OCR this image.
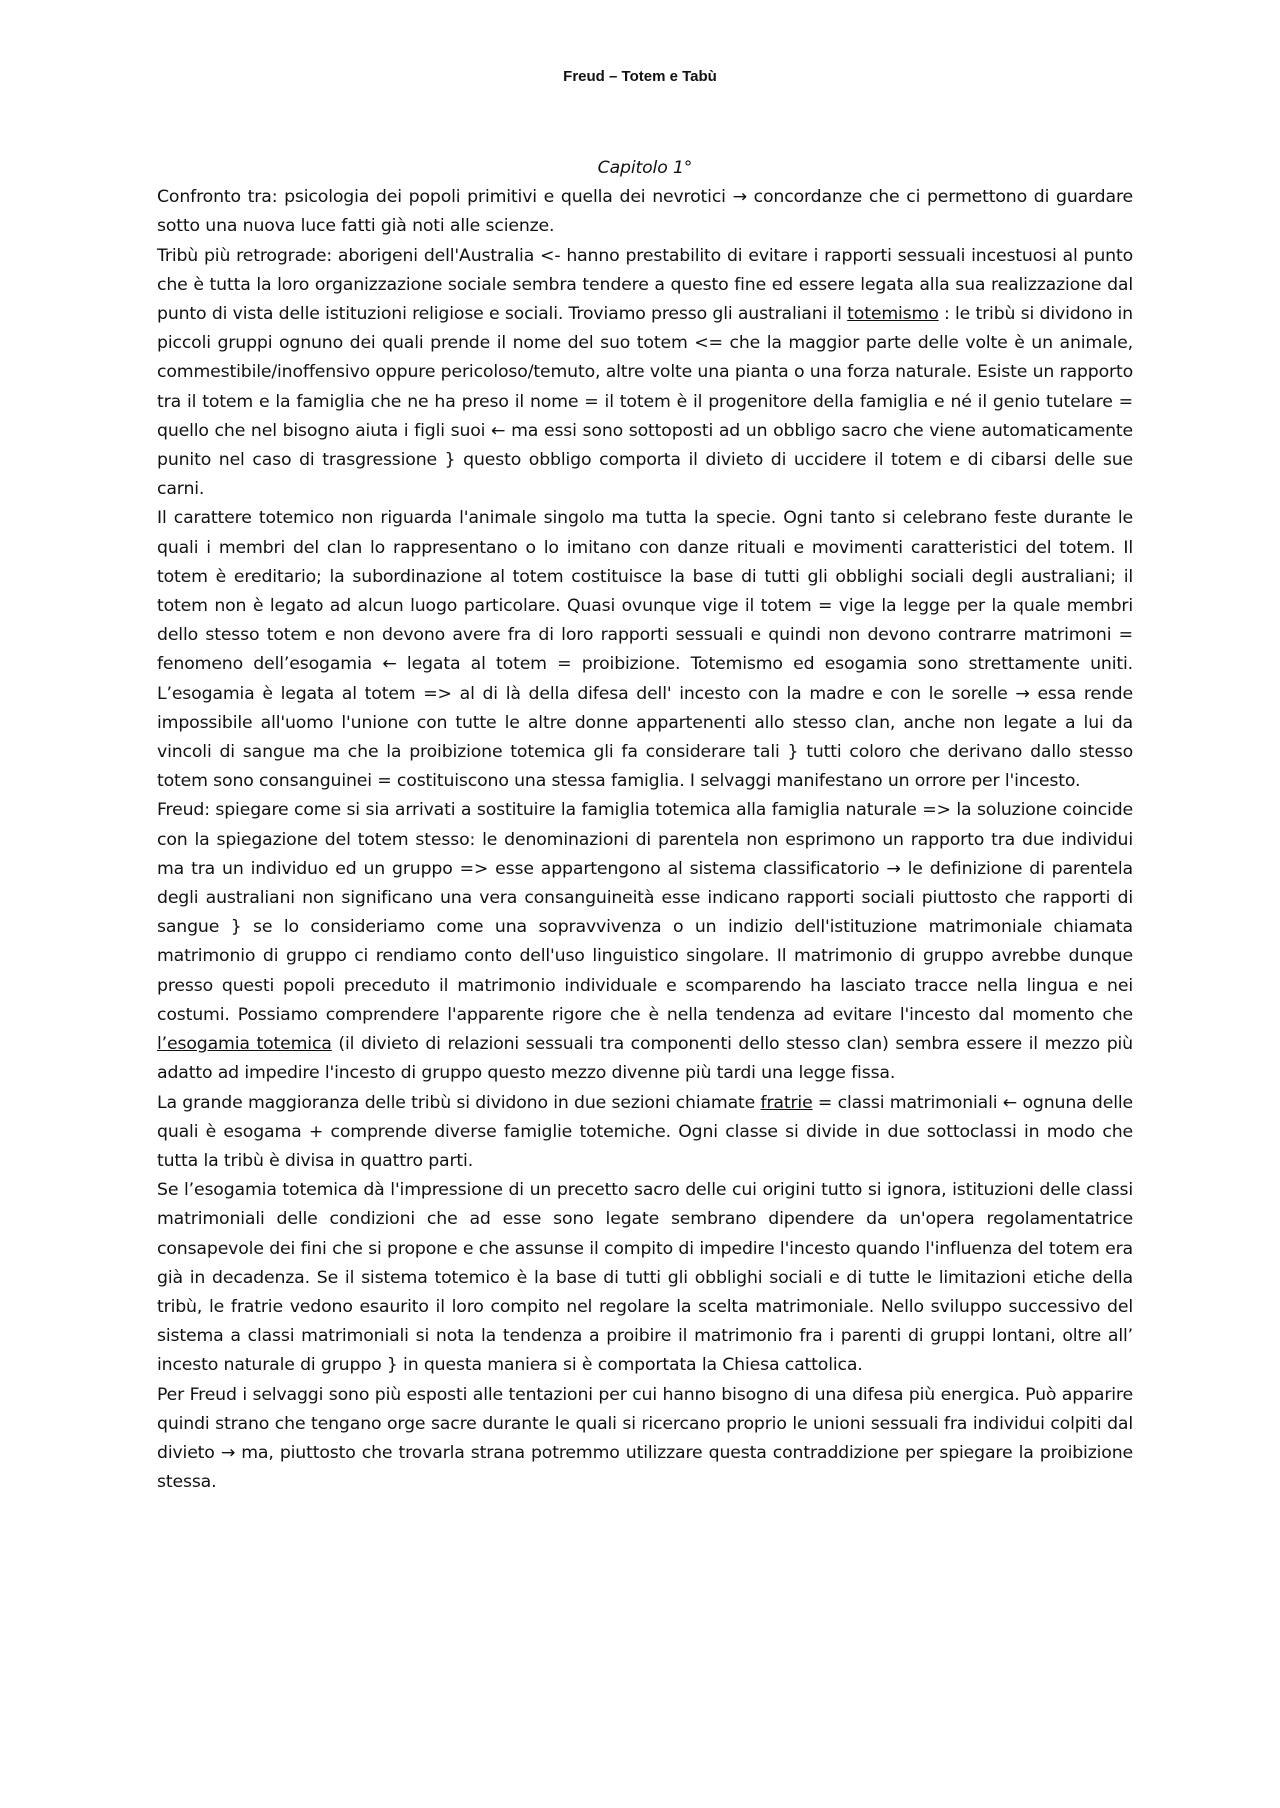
Freud – Totem e Tabù

Capitolo 1°

Confronto tra: psicologia dei popoli primitivi e quella dei nevrotici → concordanze che ci permettono di guardare sotto una nuova luce fatti già noti alle scienze.

Tribù più retrograde: aborigeni dell'Australia <- hanno prestabilito di evitare i rapporti sessuali incestuosi al punto che è tutta la loro organizzazione sociale sembra tendere a questo fine ed essere legata alla sua realizzazione dal punto di vista delle istituzioni religiose e sociali. Troviamo presso gli australiani il totemismo : le tribù si dividono in piccoli gruppi ognuno dei quali prende il nome del suo totem <= che la maggior parte delle volte è un animale, commestibile/inoffensivo oppure pericoloso/temuto, altre volte una pianta o una forza naturale. Esiste un rapporto tra il totem e la famiglia che ne ha preso il nome = il totem è il progenitore della famiglia e né il genio tutelare = quello che nel bisogno aiuta i figli suoi ← ma essi sono sottoposti ad un obbligo sacro che viene automaticamente punito nel caso di trasgressione } questo obbligo comporta il divieto di uccidere il totem e di cibarsi delle sue carni.

Il carattere totemico non riguarda l'animale singolo ma tutta la specie. Ogni tanto si celebrano feste durante le quali i membri del clan lo rappresentano o lo imitano con danze rituali e movimenti caratteristici del totem. Il totem è ereditario; la subordinazione al totem costituisce la base di tutti gli obblighi sociali degli australiani; il totem non è legato ad alcun luogo particolare. Quasi ovunque vige il totem = vige la legge per la quale membri dello stesso totem e non devono avere fra di loro rapporti sessuali e quindi non devono contrarre matrimoni = fenomeno dell’esogamia ← legata al totem = proibizione. Totemismo ed esogamia sono strettamente uniti. L’esogamia è legata al totem => al di là della difesa dell' incesto con la madre e con le sorelle → essa rende impossibile all'uomo l'unione con tutte le altre donne appartenenti allo stesso clan, anche non legate a lui da vincoli di sangue ma che la proibizione totemica gli fa considerare tali } tutti coloro che derivano dallo stesso totem sono consanguinei = costituiscono una stessa famiglia. I selvaggi manifestano un orrore per l'incesto.

Freud: spiegare come si sia arrivati a sostituire la famiglia totemica alla famiglia naturale => la soluzione coincide con la spiegazione del totem stesso: le denominazioni di parentela non esprimono un rapporto tra due individui ma tra un individuo ed un gruppo => esse appartengono al sistema classificatorio → le definizione di parentela degli australiani non significano una vera consanguineità esse indicano rapporti sociali piuttosto che rapporti di sangue } se lo consideriamo come una sopravvivenza o un indizio dell'istituzione matrimoniale chiamata matrimonio di gruppo ci rendiamo conto dell'uso linguistico singolare. Il matrimonio di gruppo avrebbe dunque presso questi popoli preceduto il matrimonio individuale e scomparendo ha lasciato tracce nella lingua e nei costumi. Possiamo comprendere l'apparente rigore che è nella tendenza ad evitare l'incesto dal momento che l’esogamia totemica (il divieto di relazioni sessuali tra componenti dello stesso clan) sembra essere il mezzo più adatto ad impedire l'incesto di gruppo questo mezzo divenne più tardi una legge fissa.

La grande maggioranza delle tribù si dividono in due sezioni chiamate fratrie = classi matrimoniali ← ognuna delle quali è esogama + comprende diverse famiglie totemiche. Ogni classe si divide in due sottoclassi in modo che tutta la tribù è divisa in quattro parti.

Se l’esogamia totemica dà l'impressione di un precetto sacro delle cui origini tutto si ignora, istituzioni delle classi matrimoniali delle condizioni che ad esse sono legate sembrano dipendere da un'opera regolamentatrice consapevole dei fini che si propone e che assunse il compito di impedire l'incesto quando l'influenza del totem era già in decadenza. Se il sistema totemico è la base di tutti gli obblighi sociali e di tutte le limitazioni etiche della tribù, le fratrie vedono esaurito il loro compito nel regolare la scelta matrimoniale. Nello sviluppo successivo del sistema a classi matrimoniali si nota la tendenza a proibire il matrimonio fra i parenti di gruppi lontani, oltre all’ incesto naturale di gruppo } in questa maniera si è comportata la Chiesa cattolica.

Per Freud i selvaggi sono più esposti alle tentazioni per cui hanno bisogno di una difesa più energica. Può apparire quindi strano che tengano orge sacre durante le quali si ricercano proprio le unioni sessuali fra individui colpiti dal divieto → ma, piuttosto che trovarla strana potremmo utilizzare questa contraddizione per spiegare la proibizione stessa.
